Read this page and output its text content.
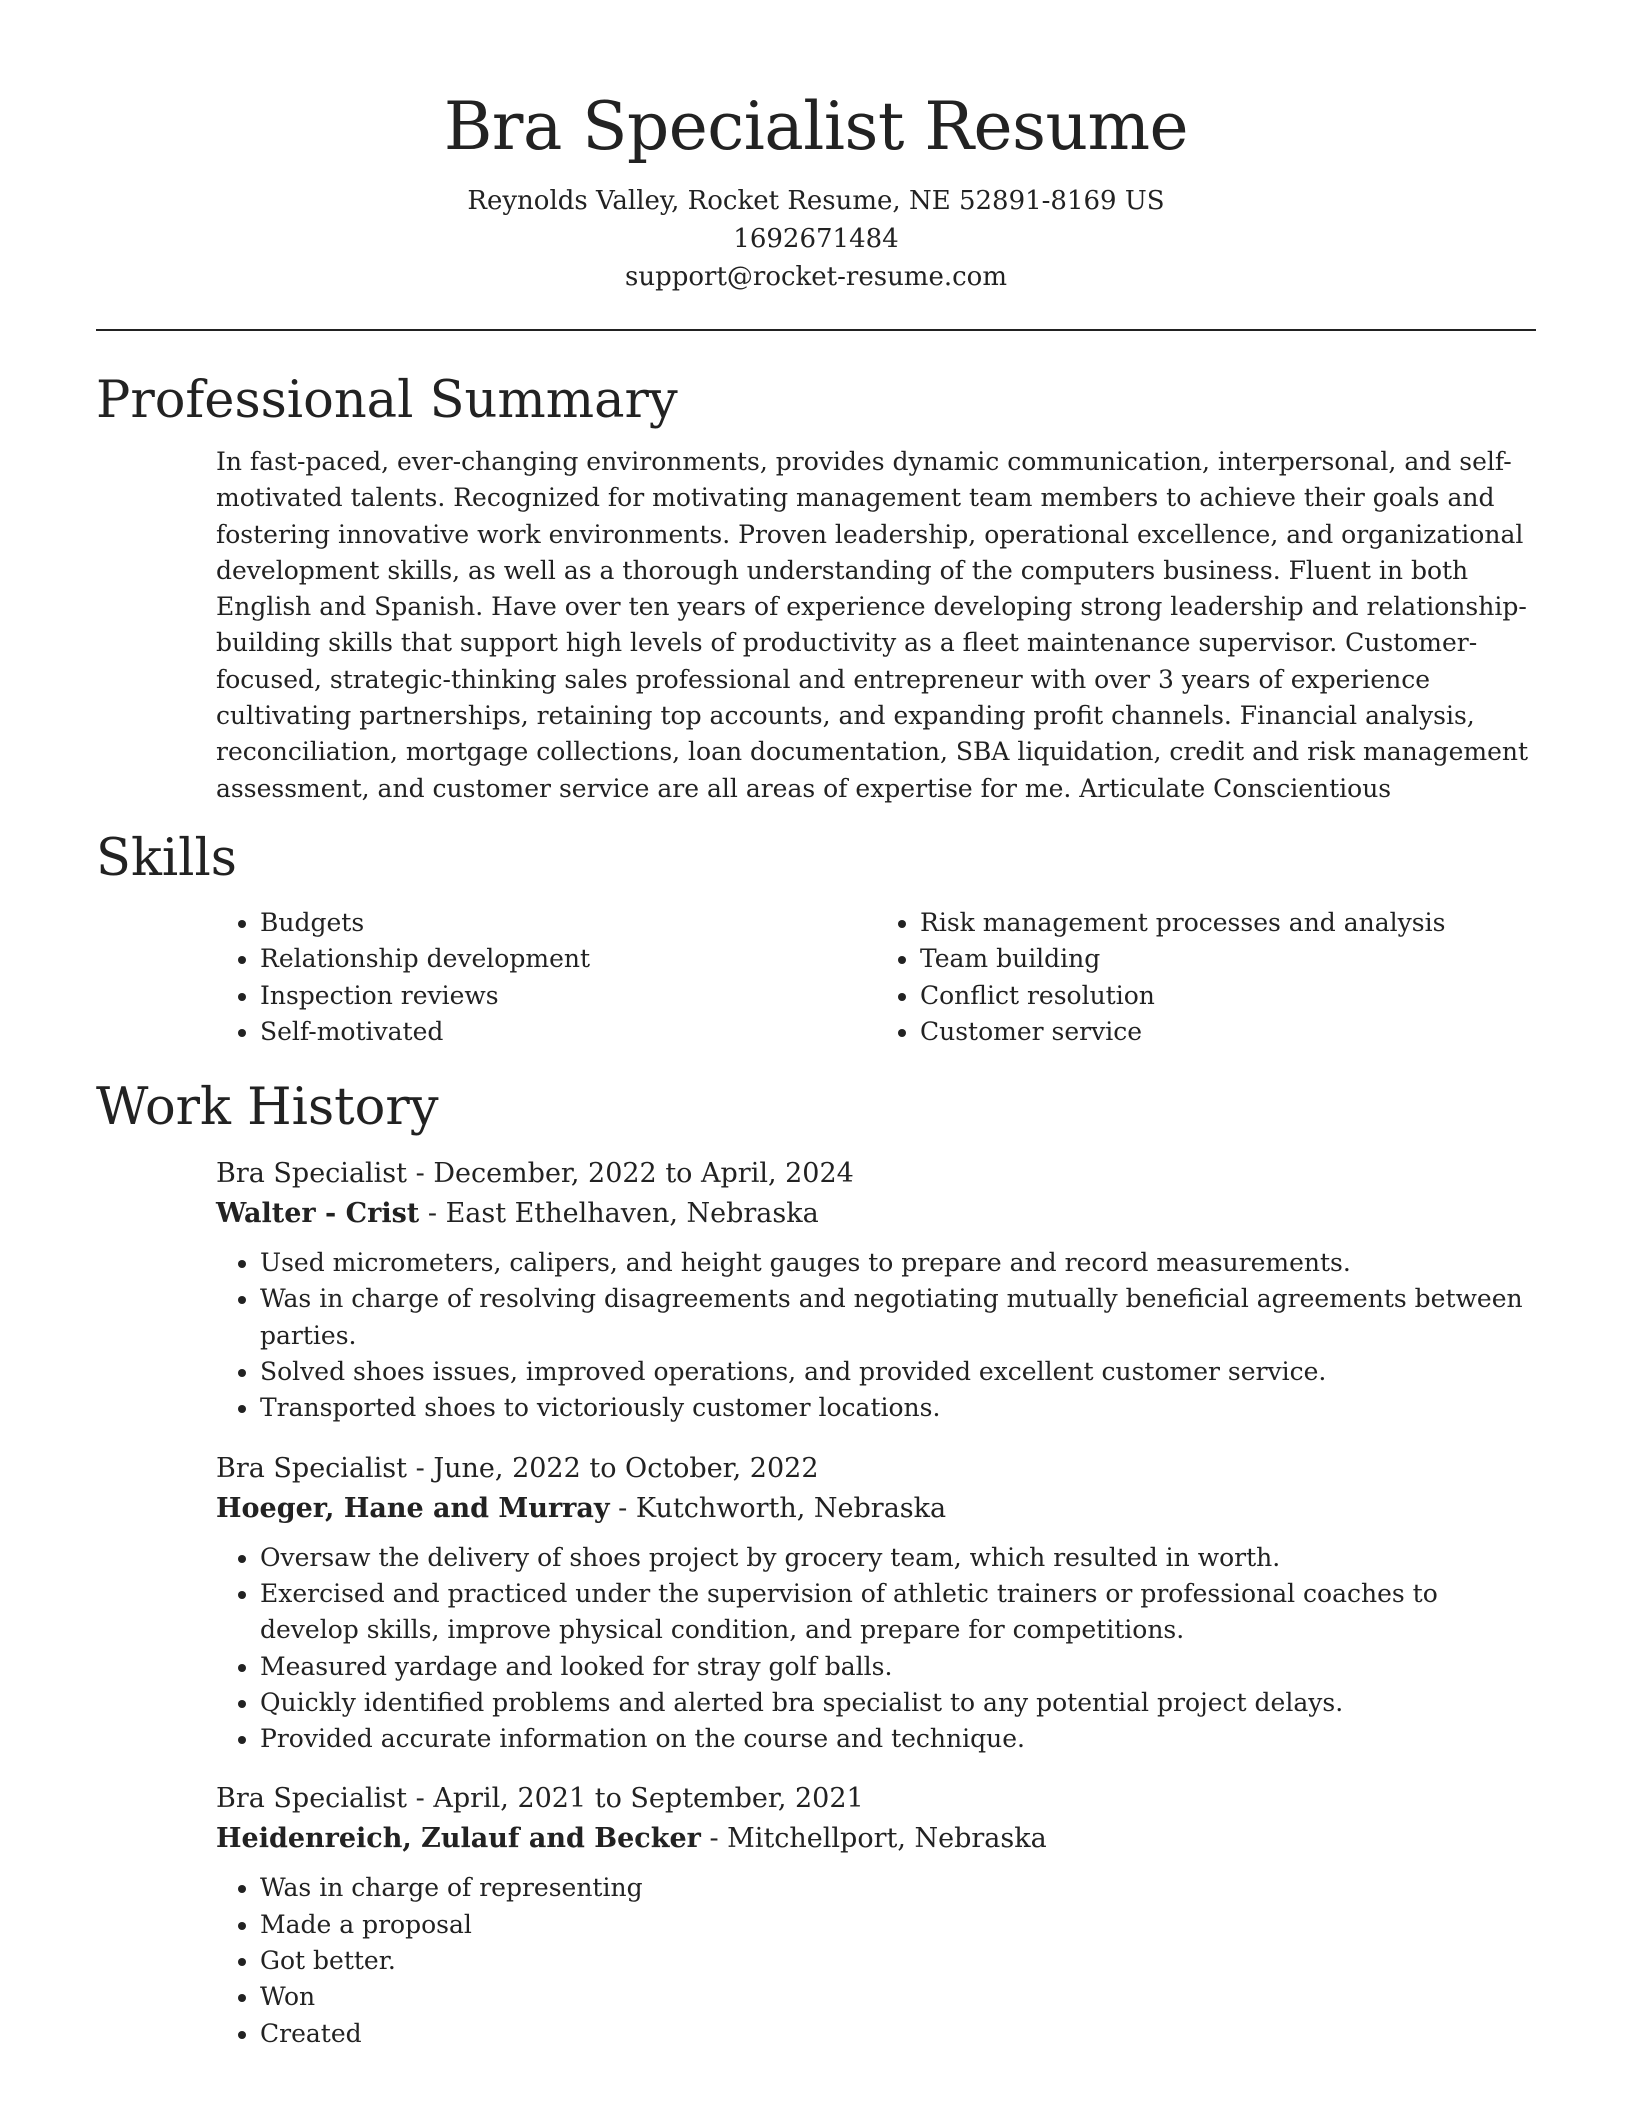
Bra Specialist Resume
Reynolds Valley, Rocket Resume, NE 52891-8169 US
1692671484
support@rocket-resume.com
Professional Summary
In fast-paced, ever-changing environments, provides dynamic communication, interpersonal, and self-motivated talents. Recognized for motivating management team members to achieve their goals and fostering innovative work environments. Proven leadership, operational excellence, and organizational development skills, as well as a thorough understanding of the computers business. Fluent in both English and Spanish. Have over ten years of experience developing strong leadership and relationship-building skills that support high levels of productivity as a fleet maintenance supervisor. Customer-focused, strategic-thinking sales professional and entrepreneur with over 3 years of experience cultivating partnerships, retaining top accounts, and expanding profit channels. Financial analysis, reconciliation, mortgage collections, loan documentation, SBA liquidation, credit and risk management assessment, and customer service are all areas of expertise for me. Articulate Conscientious
Skills
• Budgets
• Relationship development
• Inspection reviews
• Self-motivated
• Risk management processes and analysis
• Team building
• Conflict resolution
• Customer service
Work History
Bra Specialist - December, 2022 to April, 2024
Walter - Crist - East Ethelhaven, Nebraska
• Used micrometers, calipers, and height gauges to prepare and record measurements.
• Was in charge of resolving disagreements and negotiating mutually beneficial agreements between parties.
• Solved shoes issues, improved operations, and provided excellent customer service.
• Transported shoes to victoriously customer locations.
Bra Specialist - June, 2022 to October, 2022
Hoeger, Hane and Murray - Kutchworth, Nebraska
• Oversaw the delivery of shoes project by grocery team, which resulted in worth.
• Exercised and practiced under the supervision of athletic trainers or professional coaches to develop skills, improve physical condition, and prepare for competitions.
• Measured yardage and looked for stray golf balls.
• Quickly identified problems and alerted bra specialist to any potential project delays.
• Provided accurate information on the course and technique.
Bra Specialist - April, 2021 to September, 2021
Heidenreich, Zulauf and Becker - Mitchellport, Nebraska
• Was in charge of representing
• Made a proposal
• Got better.
• Won
• Created
